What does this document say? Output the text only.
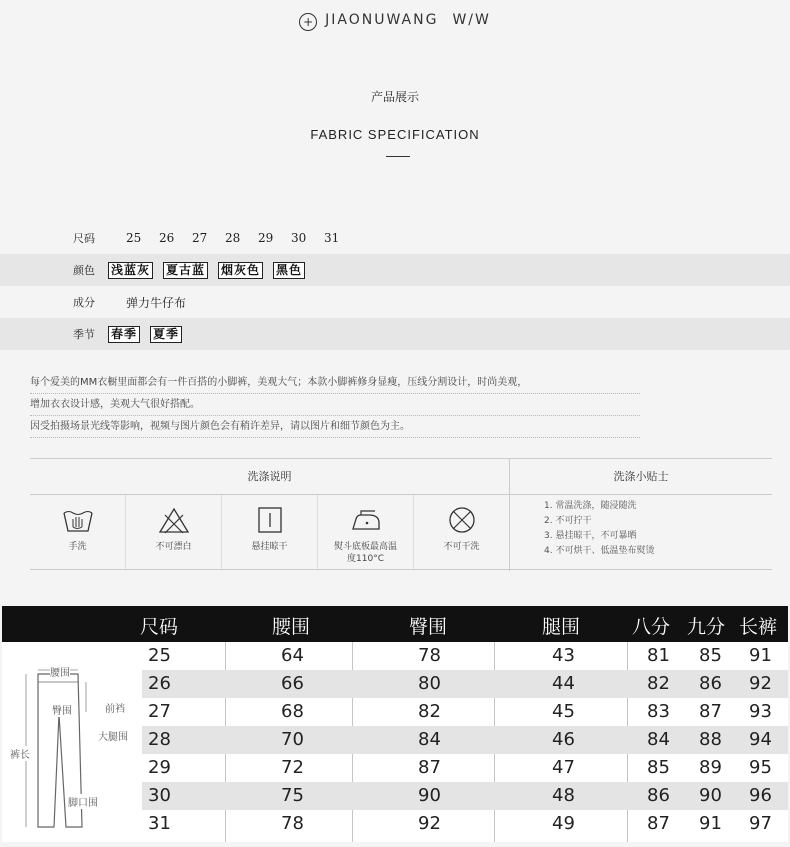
+ JIAONUWANG W/W
产品展示
FABRIC SPECIFICATION
尺码	25	26	27	28	29	30	31
颜色 浅蓝灰 夏古蓝 烟灰色 黑色
成分	弹力牛仔布
季节 春季 夏季
每个爱美的MM衣橱里面都会有一件百搭的小脚裤，美观大气；本款小脚裤修身显瘦，压线分割设计，时尚美观，
增加衣衣设计感，美观大气很好搭配。
因受拍摄场景光线等影响，视频与图片颜色会有稍许差异，请以图片和细节颜色为主。
洗涤说明	洗涤小贴士
手洗	不可漂白	悬挂晾干	熨斗底板最高温度110°C
不可干洗
1. 常温洗涤，随浸随洗
2. 不可拧干
3. 悬挂晾干，不可暴晒
4. 不可烘干、低温垫布熨烫
尺码	腰围	臀围	腿围	八分 九分 长裤
腰围
臀围	前裆
大腿围
裤长
脚口围
25	64	78	43	81 85 91
26	66	80	44	82 86 92
27	68	82	45	83 87 93
28	70	84	46	84 88 94
29	72	87	47	85 89 95
30	75	90	48	86 90 96
31	78	92	49	87 91 97
